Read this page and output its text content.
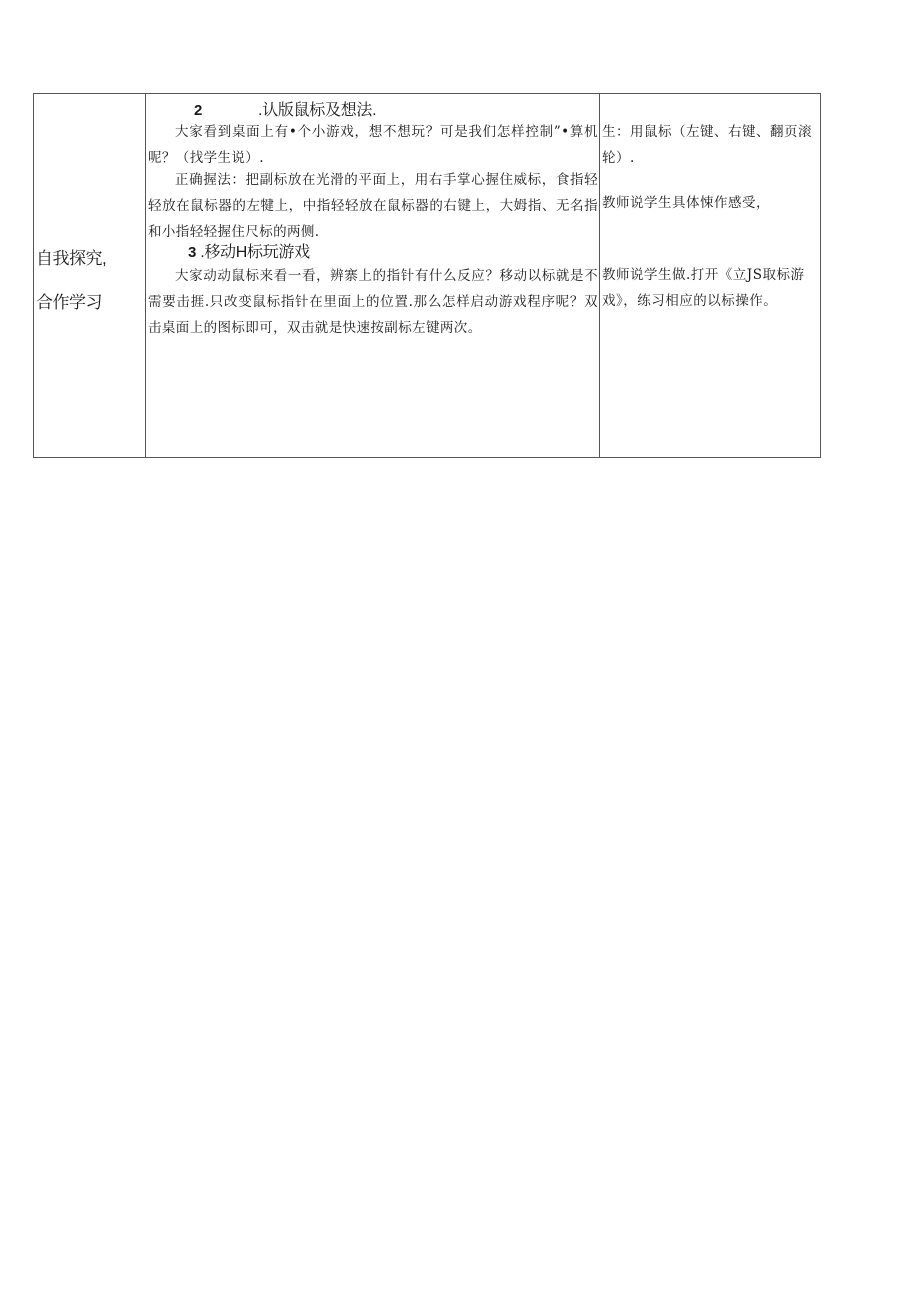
自我探究,
合作学习
2	.认版鼠标及想法.

大家看到桌面上有•个小游戏，想不想玩？可是我们怎样控制”•算机呢？（找学生说）.

正确握法：把副标放在光滑的平面上，用右手掌心握住威标，食指轻轻放在鼠标器的左犍上，中指轻轻放在鼠标器的右键上，大姆指、无名指和小指轻轻握住尺标的两侧.

3 .移动H标玩游戏

大家动动鼠标来看一看，辨寨上的指针有什么反应？移动以标就是不需要击捱.只改变鼠标指针在里面上的位置.那么怎样启动游戏程序呢？双击桌面上的图标即可，双击就是快速按副标左键两次。

生：用鼠标（左键、右键、翻页滚轮）.

教师说学生具体悚作感受，

教师说学生做.打开《立JS取标游戏》，练习相应的以标操作。
